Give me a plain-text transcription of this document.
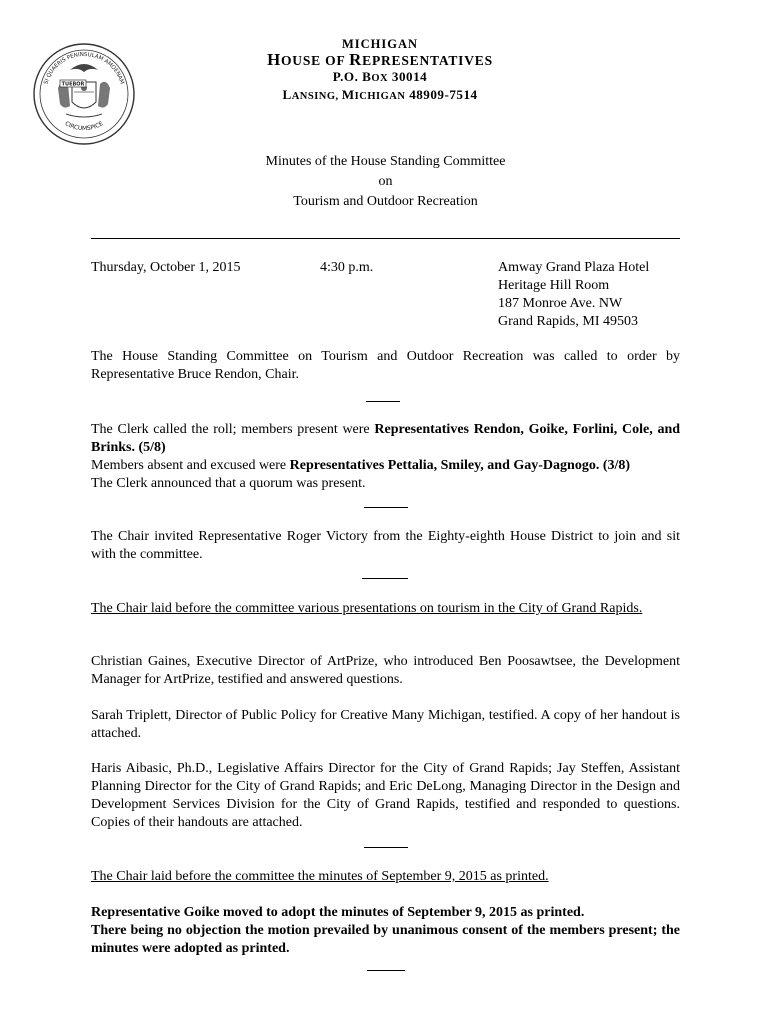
SI QUAERIS PENINSULAM AMOENAM
CIRCUMSPICE
TUEBOR
MICHIGAN
HOUSE OF REPRESENTATIVES
P.O. BOX 30014
LANSING, MICHIGAN 48909-7514
Minutes of the House Standing Committee
on
Tourism and Outdoor Recreation
Thursday, October 1, 2015	4:30 p.m.	Amway Grand Plaza Hotel
Heritage Hill Room
187 Monroe Ave. NW
Grand Rapids, MI 49503
The House Standing Committee on Tourism and Outdoor Recreation was called to order by Representative Bruce Rendon, Chair.
The Clerk called the roll; members present were Representatives Rendon, Goike, Forlini, Cole, and Brinks. (5/8)
Members absent and excused were Representatives Pettalia, Smiley, and Gay-Dagnogo. (3/8)
The Clerk announced that a quorum was present.
The Chair invited Representative Roger Victory from the Eighty-eighth House District to join and sit with the committee.
The Chair laid before the committee various presentations on tourism in the City of Grand Rapids.
Christian Gaines, Executive Director of ArtPrize, who introduced Ben Poosawtsee, the Development Manager for ArtPrize, testified and answered questions.
Sarah Triplett, Director of Public Policy for Creative Many Michigan, testified. A copy of her handout is attached.
Haris Aibasic, Ph.D., Legislative Affairs Director for the City of Grand Rapids; Jay Steffen, Assistant Planning Director for the City of Grand Rapids; and Eric DeLong, Managing Director in the Design and Development Services Division for the City of Grand Rapids, testified and responded to questions. Copies of their handouts are attached.
The Chair laid before the committee the minutes of September 9, 2015 as printed.
Representative Goike moved to adopt the minutes of September 9, 2015 as printed.
There being no objection the motion prevailed by unanimous consent of the members present; the minutes were adopted as printed.
